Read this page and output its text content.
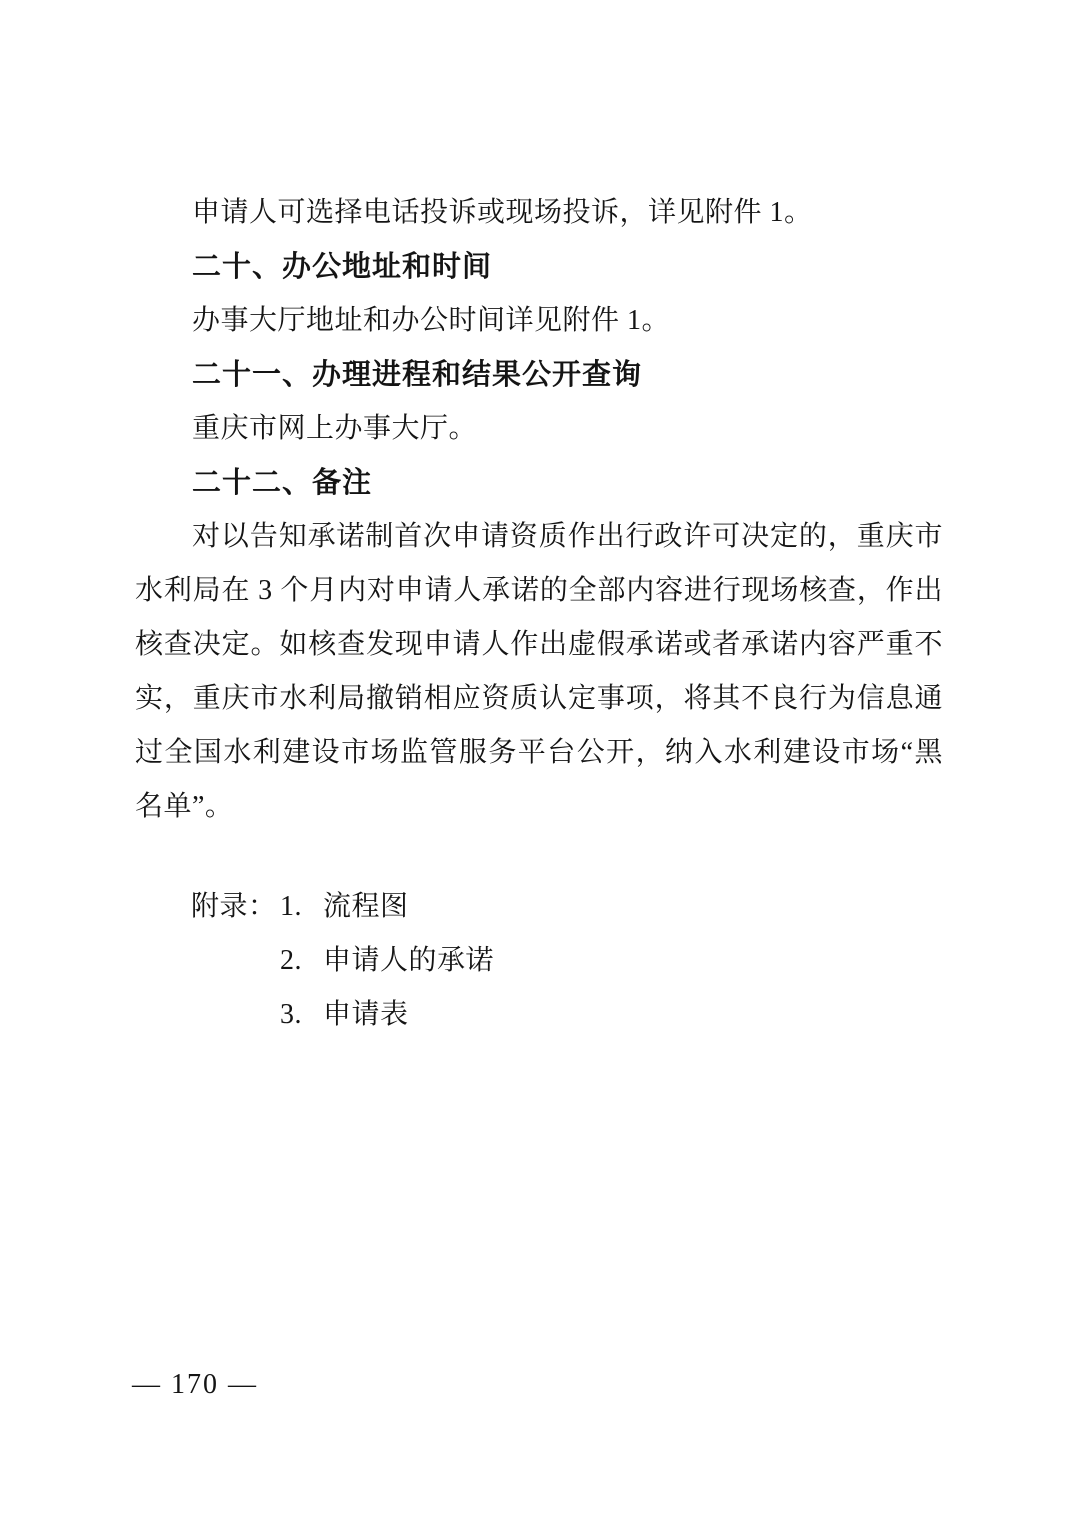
申请人可选择电话投诉或现场投诉，详见附件 1。
二十、办公地址和时间
办事大厅地址和办公时间详见附件 1。
二十一、办理进程和结果公开查询
重庆市网上办事大厅。
二十二、备注
对以告知承诺制首次申请资质作出行政许可决定的，重庆市
水利局在 3 个月内对申请人承诺的全部内容进行现场核查，作出
核查决定。如核查发现申请人作出虚假承诺或者承诺内容严重不
实，重庆市水利局撤销相应资质认定事项，将其不良行为信息通
过全国水利建设市场监管服务平台公开，纳入水利建设市场“黑
名单”。
附录： 1. 流程图
2. 申请人的承诺
3. 申请表
— 170 —
